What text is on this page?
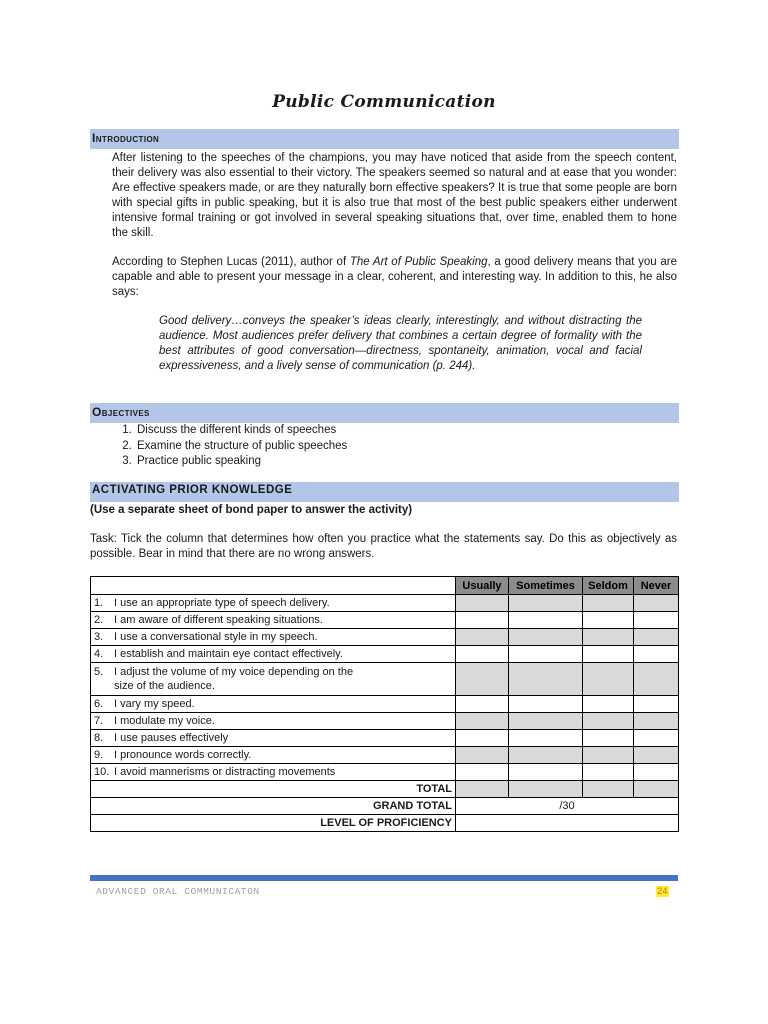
Public Communication
Introduction
After listening to the speeches of the champions, you may have noticed that aside from the speech content, their delivery was also essential to their victory. The speakers seemed so natural and at ease that you wonder: Are effective speakers made, or are they naturally born effective speakers? It is true that some people are born with special gifts in public speaking, but it is also true that most of the best public speakers either underwent intensive formal training or got involved in several speaking situations that, over time, enabled them to hone the skill.
According to Stephen Lucas (2011), author of The Art of Public Speaking, a good delivery means that you are capable and able to present your message in a clear, coherent, and interesting way. In addition to this, he also says:
Good delivery…conveys the speaker’s ideas clearly, interestingly, and without distracting the audience. Most audiences prefer delivery that combines a certain degree of formality with the best attributes of good conversation—directness, spontaneity, animation, vocal and facial expressiveness, and a lively sense of communication (p. 244).
Objectives
1. Discuss the different kinds of speeches
2. Examine the structure of public speeches
3. Practice public speaking
ACTIVATING PRIOR KNOWLEDGE
(Use a separate sheet of bond paper to answer the activity)
Task: Tick the column that determines how often you practice what the statements say. Do this as objectively as possible. Bear in mind that there are no wrong answers.
	Usually	Sometimes	Seldom	Never
1. I use an appropriate type of speech delivery.				
2. I am aware of different speaking situations.				
3. I use a conversational style in my speech.				
4. I establish and maintain eye contact effectively.				

5. I adjust the volume of my voice depending on the size of the audience.				

6. I vary my speed.				
7. I modulate my voice.				
8. I use pauses effectively				
9. I pronounce words correctly.				
10. I avoid mannerisms or distracting movements				
TOTAL				
GRAND TOTAL	/30			
LEVEL OF PROFICIENCY				
ADVANCED ORAL COMMUNICATON	24
